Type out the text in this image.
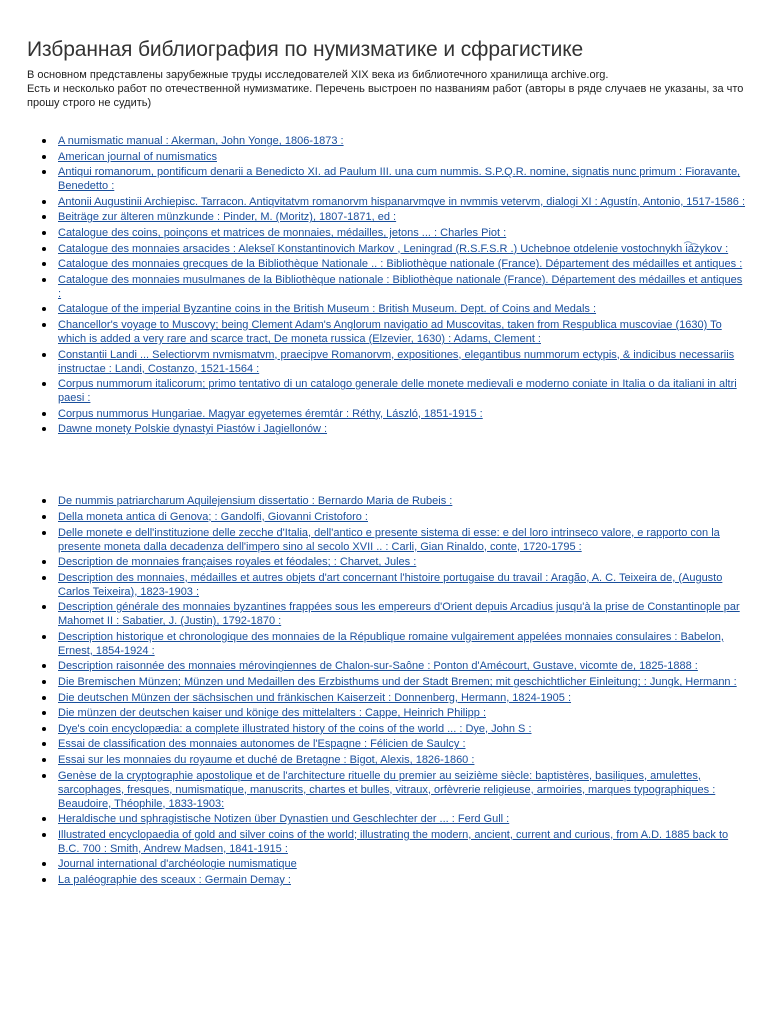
Избранная библиография по нумизматике и сфрагистике

В основном представлены зарубежные труды исследователей XIX века из библиотечного хранилища archive.org.

Есть и несколько работ по отечественной нумизматике. Перечень выстроен по названиям работ (авторы в ряде случаев не указаны, за что прошу строго не судить)

A numismatic manual : Akerman, John Yonge, 1806-1873 :
American journal of numismatics
Antiqui romanorum, pontificum denarii a Benedicto XI. ad Paulum III. una cum nummis. S.P.Q.R. nomine, signatis nunc primum : Fioravante, Benedetto :
Antonii Augustinii Archiepisc. Tarracon. Antiqvitatvm romanorvm hispanarvmqve in nvmmis vetervm, dialogi XI : Agustín, Antonio, 1517-1586 :
Beiträge zur älteren münzkunde : Pinder, M. (Moritz), 1807-1871, ed :
Catalogue des coins, poinçons et matrices de monnaies, médailles, jetons ... : Charles Piot :
Catalogue des monnaies arsacides : Alekseĭ Konstantinovich Markov , Leningrad (R.S.F.S.R .) Uchebnoe otdelenie vostochnykh i͡a͡zykov :
Catalogue des monnaies grecques de la Bibliothèque Nationale .. : Bibliothèque nationale (France). Département des médailles et antiques :
Catalogue des monnaies musulmanes de la Bibliothèque nationale : Bibliothèque nationale (France). Département des médailles et antiques :
Catalogue of the imperial Byzantine coins in the British Museum : British Museum. Dept. of Coins and Medals :
Chancellor's voyage to Muscovy; being Clement Adam's Anglorum navigatio ad Muscovitas, taken from Respublica muscoviae (1630) To which is added a very rare and scarce tract, De moneta russica (Elzevier, 1630) : Adams, Clement :
Constantii Landi ... Selectiorvm nvmismatvm, praecipve Romanorvm, expositiones, elegantibus nummorum ectypis, & indicibus necessariis instructae : Landi, Costanzo, 1521-1564 :
Corpus nummorum italicorum; primo tentativo di un catalogo generale delle monete medievali e moderno coniate in Italia o da italiani in altri paesi :
Corpus nummorus Hungariae. Magyar egyetemes éremtár : Réthy, László, 1851-1915 :
Dawne monety Polskie dynastyi Piastów i Jagiellonów :
De nummis patriarcharum Aquilejensium dissertatio : Bernardo Maria de Rubeis :
Della moneta antica di Genova; : Gandolfi, Giovanni Cristoforo :
Delle monete e dell'instituzione delle zecche d'Italia, dell'antico e presente sistema di esse: e del loro intrinseco valore, e rapporto con la presente moneta dalla decadenza dell'impero sino al secolo XVII .. : Carli, Gian Rinaldo, conte, 1720-1795 :
Description de monnaies françaises royales et féodales; : Charvet, Jules :
Description des monnaies, médailles et autres objets d'art concernant l'histoire portugaise du travail : Aragão, A. C. Teixeira de, (Augusto Carlos Teixeira), 1823-1903 :
Description générale des monnaies byzantines frappées sous les empereurs d'Orient depuis Arcadius jusqu'à la prise de Constantinople par Mahomet II : Sabatier, J. (Justin), 1792-1870 :
Description historique et chronologique des monnaies de la République romaine vulgairement appelées monnaies consulaires : Babelon, Ernest, 1854-1924 :
Description raisonnée des monnaies mérovingiennes de Chalon-sur-Saône : Ponton d'Amécourt, Gustave, vicomte de, 1825-1888 :
Die Bremischen Münzen; Münzen und Medaillen des Erzbisthums und der Stadt Bremen; mit geschichtlicher Einleitung; : Jungk, Hermann :
Die deutschen Münzen der sächsischen und fränkischen Kaiserzeit : Donnenberg, Hermann, 1824-1905 :
Die münzen der deutschen kaiser und könige des mittelalters : Cappe, Heinrich Philipp :
Dye's coin encyclopædia: a complete illustrated history of the coins of the world ... : Dye, John S :
Essai de classification des monnaies autonomes de l'Espagne : Félicien de Saulcy :
Essai sur les monnaies du royaume et duché de Bretagne : Bigot, Alexis, 1826-1860 :
Genèse de la cryptographie apostolique et de l'architecture rituelle du premier au seizième siècle: baptistères, basiliques, amulettes, sarcophages, fresques, numismatique, manuscrits, chartes et bulles, vitraux, orfèvrerie religieuse, armoiries, marques typographiques : Beaudoire, Théophile, 1833-1903:
Heraldische und sphragistische Notizen über Dynastien und Geschlechter der ... : Ferd Gull :
Illustrated encyclopaedia of gold and silver coins of the world; illustrating the modern, ancient, current and curious, from A.D. 1885 back to B.C. 700 : Smith, Andrew Madsen, 1841-1915 :
Journal international d'archéologie numismatique
La paléographie des sceaux : Germain Demay :
